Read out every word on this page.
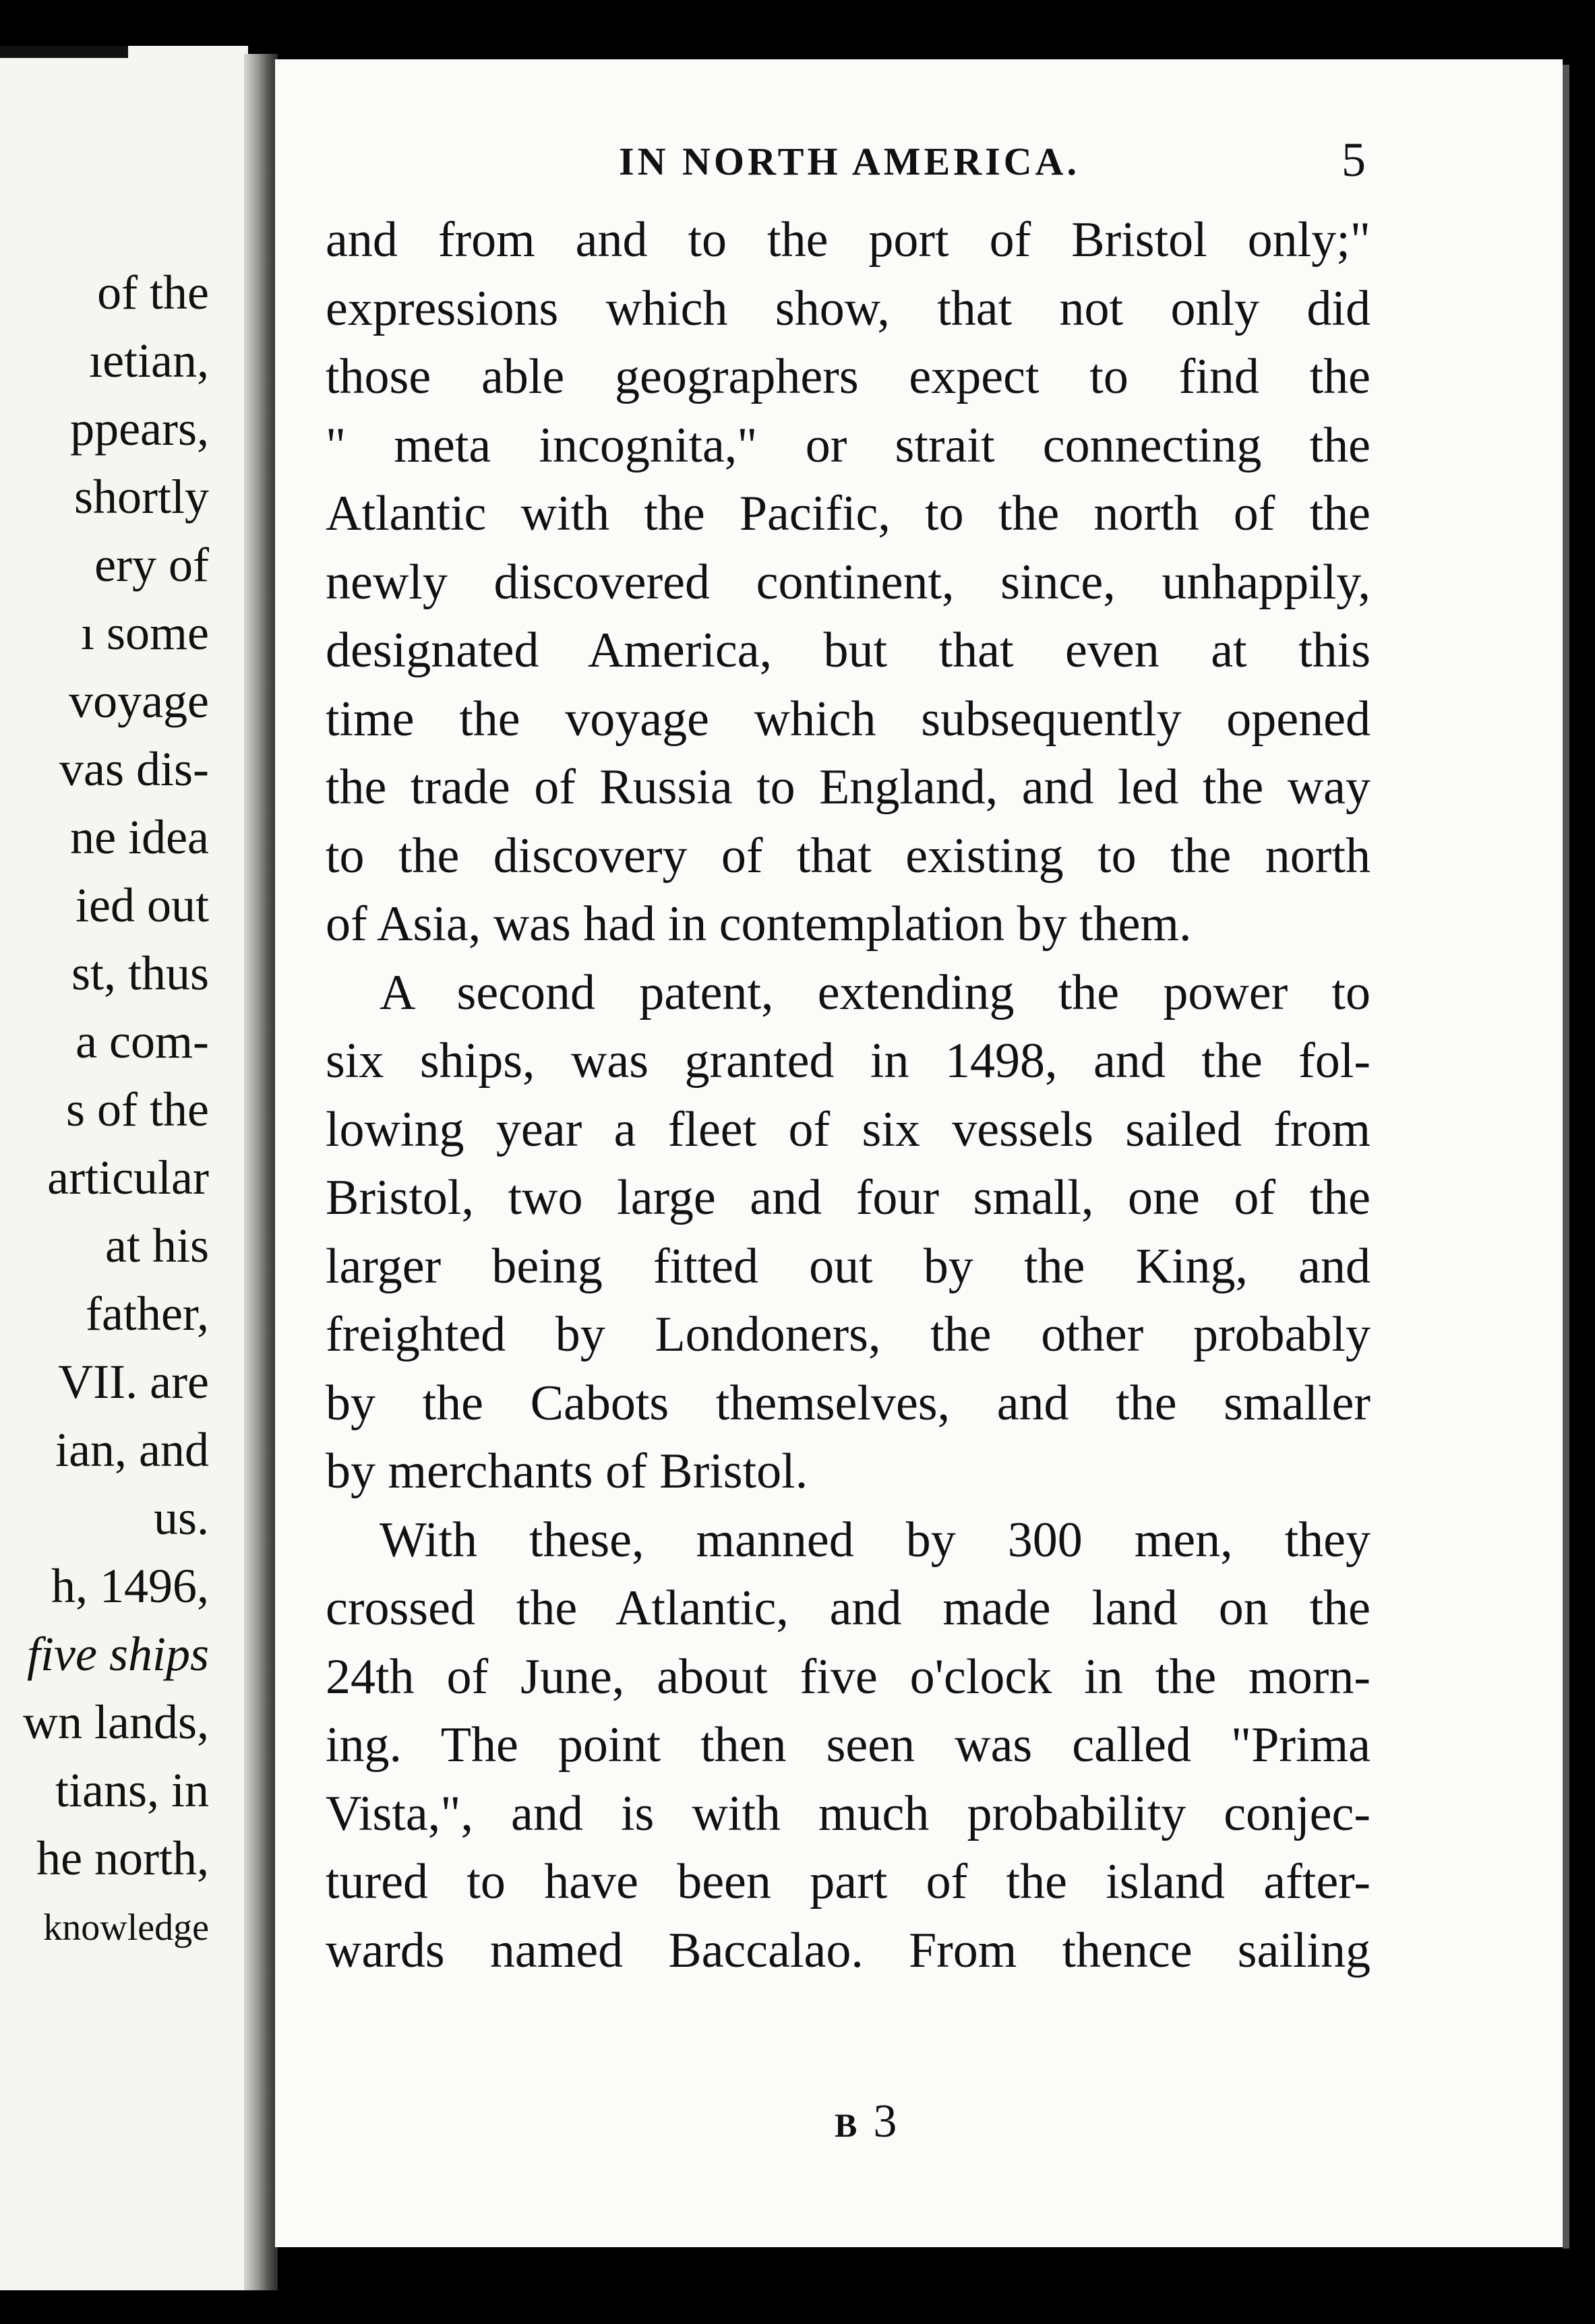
of the
ıetian,
ppears,
shortly
ery of
ı some
voyage
vas dis-
ne idea
ied out
st, thus
a com-
s of the
articular
at his
father,
VII. are
ian, and
us.
h, 1496,
five ships
wn lands,
tians, in
he north,
knowledge
IN NORTH AMERICA.	5
and from and to the port of Bristol only;"
expressions which show, that not only did
those able geographers expect to find the
" meta incognita," or strait connecting the
Atlantic with the Pacific, to the north of the
newly discovered continent, since, unhappily,
designated America, but that even at this
time the voyage which subsequently opened
the trade of Russia to England, and led the way
to the discovery of that existing to the north
of Asia, was had in contemplation by them.
A second patent, extending the power to
six ships, was granted in 1498, and the fol-
lowing year a fleet of six vessels sailed from
Bristol, two large and four small, one of the
larger being fitted out by the King, and
freighted by Londoners, the other probably
by the Cabots themselves, and the smaller
by merchants of Bristol.
With these, manned by 300 men, they
crossed the Atlantic, and made land on the
24th of June, about five o'clock in the morn-
ing. The point then seen was called "Prima
Vista,", and is with much probability conjec-
tured to have been part of the island after-
wards named Baccalao. From thence sailing
B 3
